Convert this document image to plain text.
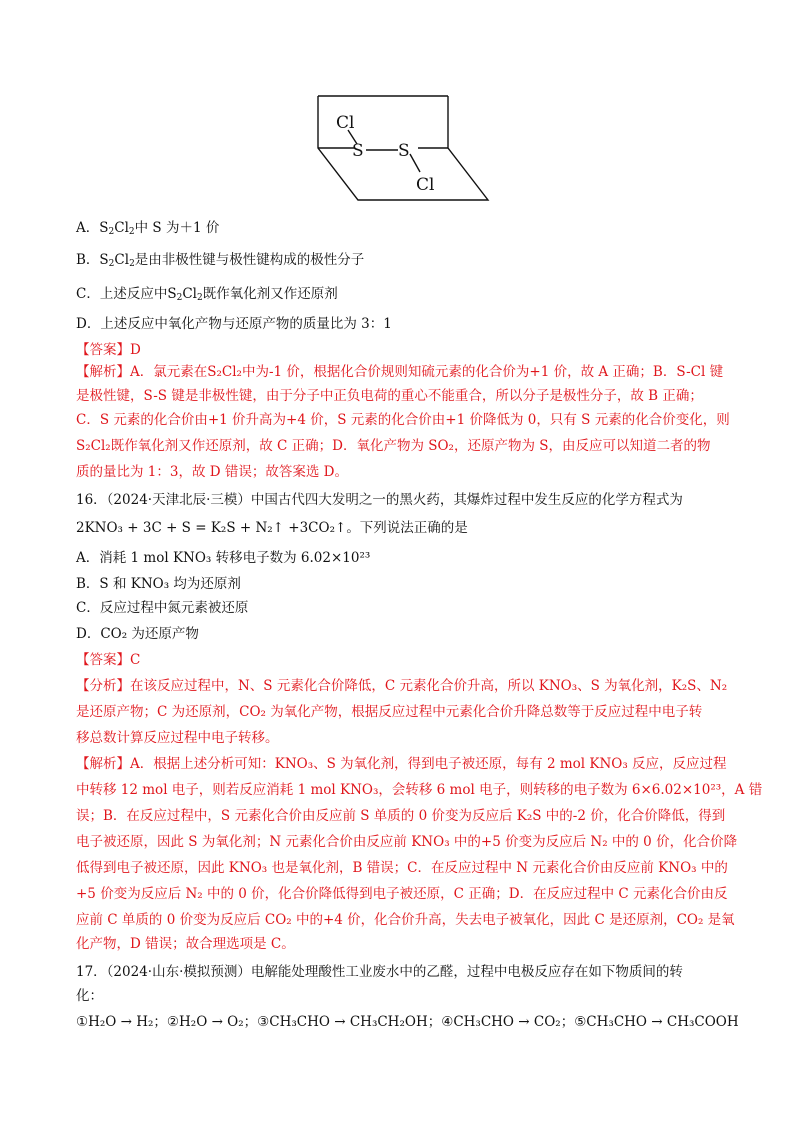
Cl
S S
Cl
A．$S_2Cl_2$中 S 为＋1 价
B．$S_2Cl_2$是由非极性键与极性键构成的极性分子
C．上述反应中$S_2Cl_2$既作氧化剂又作还原剂
D．上述反应中氧化产物与还原产物的质量比为 3：1
【答案】D
【解析】A．氯元素在S₂Cl₂中为-1 价，根据化合价规则知硫元素的化合价为+1 价，故 A 正确；B．S-Cl 键
是极性键，S-S 键是非极性键，由于分子中正负电荷的重心不能重合，所以分子是极性分子，故 B 正确；
C．S 元素的化合价由+1 价升高为+4 价，S 元素的化合价由+1 价降低为 0，只有 S 元素的化合价变化，则
S₂Cl₂既作氧化剂又作还原剂，故 C 正确；D．氧化产物为 SO₂，还原产物为 S，由反应可以知道二者的物
质的量比为 1：3，故 D 错误；故答案选 D。
16．（2024·天津北辰·三模）中国古代四大发明之一的黑火药，其爆炸过程中发生反应的化学方程式为
2KNO₃ + 3C + S = K₂S + N₂↑ +3CO₂↑。下列说法正确的是
A．消耗 1 mol KNO₃ 转移电子数为 6.02×10²³
B．S 和 KNO₃ 均为还原剂
C．反应过程中氮元素被还原
D．CO₂ 为还原产物
【答案】C
【分析】在该反应过程中，N、S 元素化合价降低，C 元素化合价升高，所以 KNO₃、S 为氧化剂，K₂S、N₂
是还原产物；C 为还原剂，CO₂ 为氧化产物，根据反应过程中元素化合价升降总数等于反应过程中电子转
移总数计算反应过程中电子转移。
【解析】A．根据上述分析可知：KNO₃、S 为氧化剂，得到电子被还原，每有 2 mol KNO₃ 反应，反应过程
中转移 12 mol 电子，则若反应消耗 1 mol KNO₃，会转移 6 mol 电子，则转移的电子数为 6×6.02×10²³，A 错
误；B．在反应过程中，S 元素化合价由反应前 S 单质的 0 价变为反应后 K₂S 中的-2 价，化合价降低，得到
电子被还原，因此 S 为氧化剂；N 元素化合价由反应前 KNO₃ 中的+5 价变为反应后 N₂ 中的 0 价，化合价降
低得到电子被还原，因此 KNO₃ 也是氧化剂，B 错误；C．在反应过程中 N 元素化合价由反应前 KNO₃ 中的
+5 价变为反应后 N₂ 中的 0 价，化合价降低得到电子被还原，C 正确；D．在反应过程中 C 元素化合价由反
应前 C 单质的 0 价变为反应后 CO₂ 中的+4 价，化合价升高，失去电子被氧化，因此 C 是还原剂，CO₂ 是氧
化产物，D 错误；故合理选项是 C。
17．（2024·山东·模拟预测）电解能处理酸性工业废水中的乙醛，过程中电极反应存在如下物质间的转
化：
①H₂O → H₂；②H₂O → O₂；③CH₃CHO → CH₃CH₂OH；④CH₃CHO → CO₂；⑤CH₃CHO → CH₃COOH
